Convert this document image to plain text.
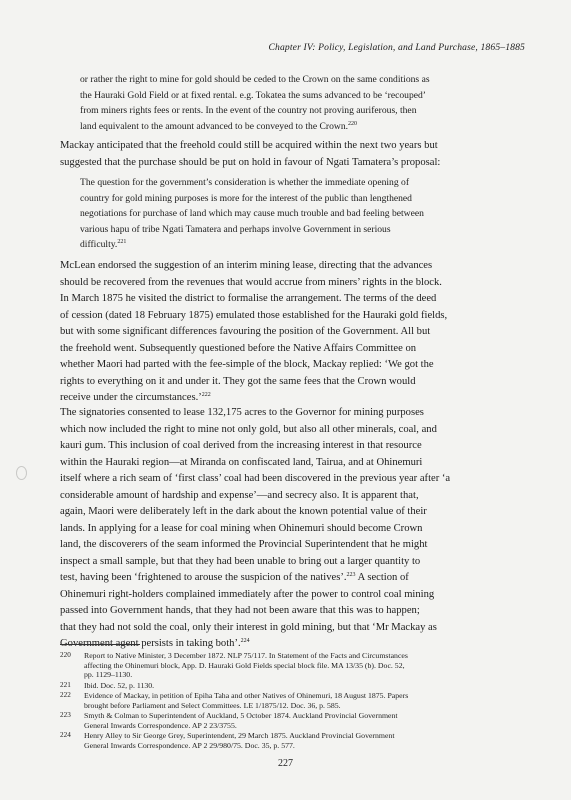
Chapter IV: Policy, Legislation, and Land Purchase, 1865–1885
or rather the right to mine for gold should be ceded to the Crown on the same conditions as
the Hauraki Gold Field or at fixed rental. e.g. Tokatea the sums advanced to be ‘recouped’
from miners rights fees or rents. In the event of the country not proving auriferous, then
land equivalent to the amount advanced to be conveyed to the Crown.$^{220}$
Mackay anticipated that the freehold could still be acquired within the next two years but
suggested that the purchase should be put on hold in favour of Ngati Tamatera’s proposal:
The question for the government’s consideration is whether the immediate opening of
country for gold mining purposes is more for the interest of the public than lengthened
negotiations for purchase of land which may cause much trouble and bad feeling between
various hapu of tribe Ngati Tamatera and perhaps involve Government in serious
difficulty.$^{221}$
McLean endorsed the suggestion of an interim mining lease, directing that the advances
should be recovered from the revenues that would accrue from miners’ rights in the block.
In March 1875 he visited the district to formalise the arrangement. The terms of the deed
of cession (dated 18 February 1875) emulated those established for the Hauraki gold fields,
but with some significant differences favouring the position of the Government. All but
the freehold went. Subsequently questioned before the Native Affairs Committee on
whether Maori had parted with the fee-simple of the block, Mackay replied: ‘We got the
rights to everything on it and under it. They got the same fees that the Crown would
receive under the circumstances.’$^{222}$
The signatories consented to lease 132,175 acres to the Governor for mining purposes
which now included the right to mine not only gold, but also all other minerals, coal, and
kauri gum. This inclusion of coal derived from the increasing interest in that resource
within the Hauraki region—at Miranda on confiscated land, Tairua, and at Ohinemuri
itself where a rich seam of ‘first class’ coal had been discovered in the previous year after ‘a
considerable amount of hardship and expense’—and secrecy also. It is apparent that,
again, Maori were deliberately left in the dark about the known potential value of their
lands. In applying for a lease for coal mining when Ohinemuri should become Crown
land, the discoverers of the seam informed the Provincial Superintendent that he might
inspect a small sample, but that they had been unable to bring out a larger quantity to
test, having been ‘frightened to arouse the suspicion of the natives’.$^{223}$ A section of
Ohinemuri right-holders complained immediately after the power to control coal mining
passed into Government hands, that they had not been aware that this was to happen;
that they had not sold the coal, only their interest in gold mining, but that ‘Mr Mackay as
Government agent persists in taking both’.$^{224}$
220	Report to Native Minister, 3 December 1872. NLP 75/117. In Statement of the Facts and Circumstances
affecting the Ohinemuri block, App. D. Hauraki Gold Fields special block file. MA 13/35 (b). Doc. 52,
pp. 1129–1130.
221	Ibid. Doc. 52, p. 1130.
222	Evidence of Mackay, in petition of Epiha Taha and other Natives of Ohinemuri, 18 August 1875. Papers
brought before Parliament and Select Committees. LE 1/1875/12. Doc. 36, p. 585.
223	Smyth & Colman to Superintendent of Auckland, 5 October 1874. Auckland Provincial Government
General Inwards Correspondence. AP 2 23/3755.
224	Henry Alley to Sir George Grey, Superintendent, 29 March 1875. Auckland Provincial Government
General Inwards Correspondence. AP 2 29/980/75. Doc. 35, p. 577.
227
